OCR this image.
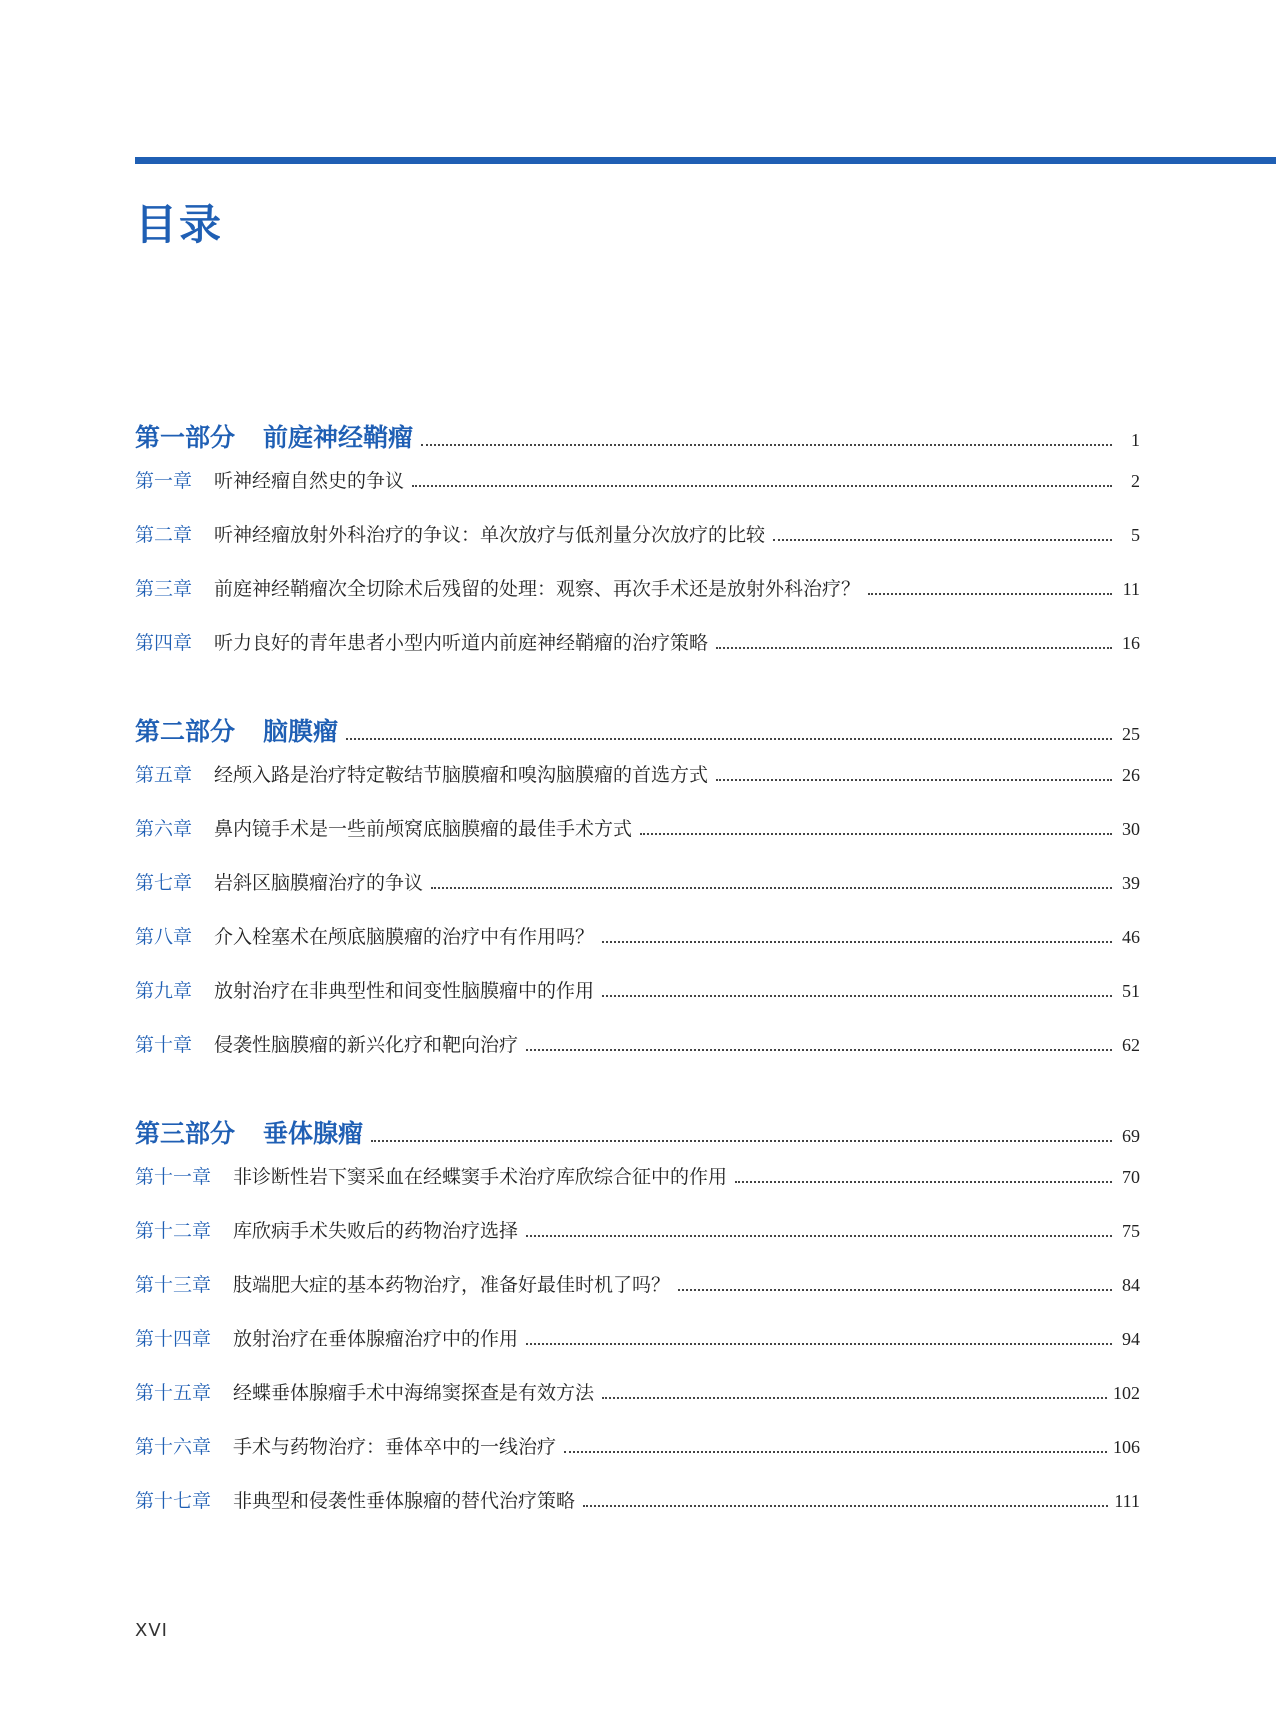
目录
第一部分 前庭神经鞘瘤	1
第一章 听神经瘤自然史的争议	2
第二章 听神经瘤放射外科治疗的争议：单次放疗与低剂量分次放疗的比较	5
第三章 前庭神经鞘瘤次全切除术后残留的处理：观察、再次手术还是放射外科治疗？	11
第四章 听力良好的青年患者小型内听道内前庭神经鞘瘤的治疗策略	16
第二部分 脑膜瘤	25
第五章 经颅入路是治疗特定鞍结节脑膜瘤和嗅沟脑膜瘤的首选方式	26
第六章 鼻内镜手术是一些前颅窝底脑膜瘤的最佳手术方式	30
第七章 岩斜区脑膜瘤治疗的争议	39
第八章 介入栓塞术在颅底脑膜瘤的治疗中有作用吗？	46
第九章 放射治疗在非典型性和间变性脑膜瘤中的作用	51
第十章 侵袭性脑膜瘤的新兴化疗和靶向治疗	62
第三部分 垂体腺瘤	69
第十一章 非诊断性岩下窦采血在经蝶窦手术治疗库欣综合征中的作用	70
第十二章 库欣病手术失败后的药物治疗选择	75
第十三章 肢端肥大症的基本药物治疗，准备好最佳时机了吗？	84
第十四章 放射治疗在垂体腺瘤治疗中的作用	94
第十五章 经蝶垂体腺瘤手术中海绵窦探查是有效方法	102
第十六章 手术与药物治疗：垂体卒中的一线治疗	106
第十七章 非典型和侵袭性垂体腺瘤的替代治疗策略	111
XVI
